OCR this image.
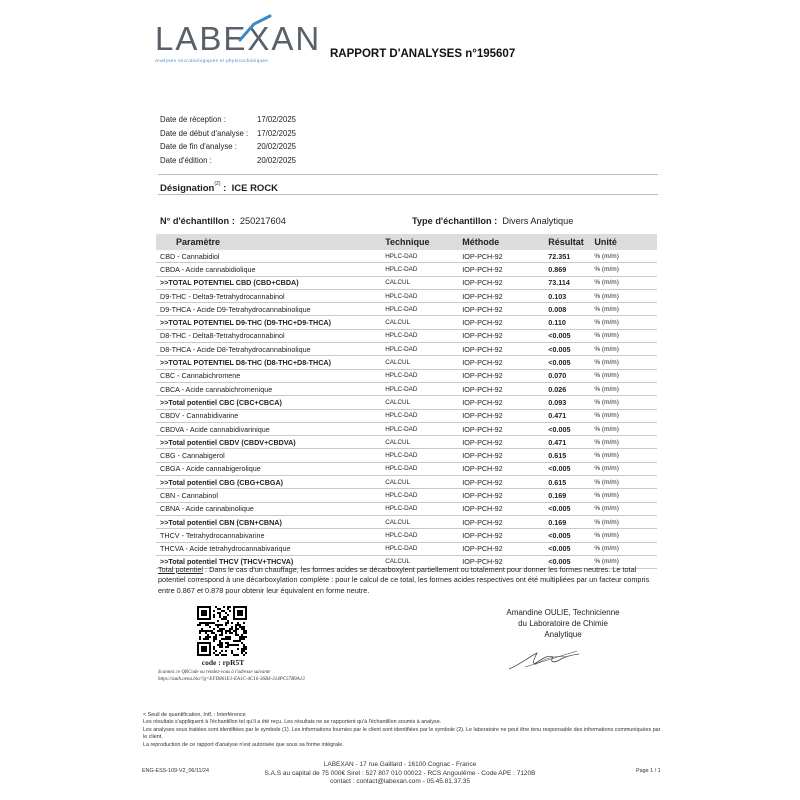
LABEXAN
Analyses microbiologiques et physicochimiques
RAPPORT D'ANALYSES n°195607
Date de réception :	17/02/2025
Date de début d'analyse : 17/02/2025
Date de fin d'analyse :	20/02/2025
Date d'édition :	20/02/2025
Désignation$^{(2)}$ :  ICE ROCK
N° d'échantillon : 250217604	Type d'échantillon : Divers Analytique
Paramètre	Technique	Méthode	Résultat	Unité
CBD - Cannabidiol	HPLC-DAD	IOP-PCH-92	72.351	% (m/m)
CBDA - Acide cannabidiolique	HPLC-DAD	IOP-PCH-92	0.869	% (m/m)
>>TOTAL POTENTIEL CBD (CBD+CBDA)	CALCUL	IOP-PCH-92	73.114	% (m/m)
D9-THC - Delta9-Tetrahydrocannabinol	HPLC-DAD	IOP-PCH-92	0.103	% (m/m)
D9-THCA - Acide D9-Tetrahydrocannabinolique	HPLC-DAD	IOP-PCH-92	0.008	% (m/m)
>>TOTAL POTENTIEL D9-THC (D9-THC+D9-THCA)	CALCUL	IOP-PCH-92	0.110	% (m/m)
D8-THC - Delta8-Tetrahydrocannabinol	HPLC-DAD	IOP-PCH-92	<0.005	% (m/m)
D8-THCA - Acide D8-Tetrahydrocannabinolique	HPLC-DAD	IOP-PCH-92	<0.005	% (m/m)
>>TOTAL POTENTIEL D8-THC (D8-THC+D8-THCA)	CALCUL	IOP-PCH-92	<0.005	% (m/m)
CBC - Cannabichromene	HPLC-DAD	IOP-PCH-92	0.070	% (m/m)
CBCA - Acide cannabichromenique	HPLC-DAD	IOP-PCH-92	0.026	% (m/m)
>>Total potentiel CBC (CBC+CBCA)	CALCUL	IOP-PCH-92	0.093	% (m/m)
CBDV - Cannabidivarine	HPLC-DAD	IOP-PCH-92	0.471	% (m/m)
CBDVA - Acide cannabidivarinique	HPLC-DAD	IOP-PCH-92	<0.005	% (m/m)
>>Total potentiel CBDV (CBDV+CBDVA)	CALCUL	IOP-PCH-92	0.471	% (m/m)
CBG - Cannabigerol	HPLC-DAD	IOP-PCH-92	0.615	% (m/m)
CBGA - Acide cannabigerolique	HPLC-DAD	IOP-PCH-92	<0.005	% (m/m)
>>Total potentiel CBG (CBG+CBGA)	CALCUL	IOP-PCH-92	0.615	% (m/m)
CBN - Cannabinol	HPLC-DAD	IOP-PCH-92	0.169	% (m/m)
CBNA - Acide cannabinolique	HPLC-DAD	IOP-PCH-92	<0.005	% (m/m)
>>Total potentiel CBN (CBN+CBNA)	CALCUL	IOP-PCH-92	0.169	% (m/m)
THCV - Tetrahydrocannabivarine	HPLC-DAD	IOP-PCH-92	<0.005	% (m/m)
THCVA - Acide tetrahydrocannabivarique	HPLC-DAD	IOP-PCH-92	<0.005	% (m/m)
>>Total potentiel THCV (THCV+THCVA)	CALCUL	IOP-PCH-92	<0.005	% (m/m)
Total potentiel : Dans le cas d'un chauffage, les formes acides se décarboxylent partiellement ou totalement pour donner les formes neutres. Le total potentiel correspond à une décarboxylation complète : pour le calcul de ce total, les formes acides respectives ont été multipliées par un facteur compris entre 0.867 et 0.878 pour obtenir leur équivalent en forme neutre.
code : rpR5T
Scannez ce QRCode ou rendez-vous à l'adresse suivante
https://auth.oena.bio/?g=EFD861E1-EA1C-4C16-36B4-314PC57B9A13
Amandine OULIE, Technicienne
du Laboratoire de Chimie
Analytique
< Seuil de quantification, Intf. : Interférence
Les résultats s'appliquent à l'échantillon tel qu'il a été reçu. Les résultats ne se rapportent qu'à l'échantillon soumis à analyse.
Les analyses sous traitées sont identifiées par le symbole (1). Les informations fournies par le client sont identifiées par le symbole (2). Le laboratoire ne peut être tenu responsable des informations communiquées par le client.
La reproduction de ce rapport d'analyse n'est autorisée que sous sa forme intégrale.
ENG-ESS-109-V2_06/11/24
LABEXAN - 17 rue Gaillard - 16100 Cognac - France
S.A.S au capital de 75 000€ Siret : 527 807 010 00022 - RCS Angoulême - Code APE : 7120B
contact : contact@labexan.com - 05.45.81.37.35
Page 1 / 1
